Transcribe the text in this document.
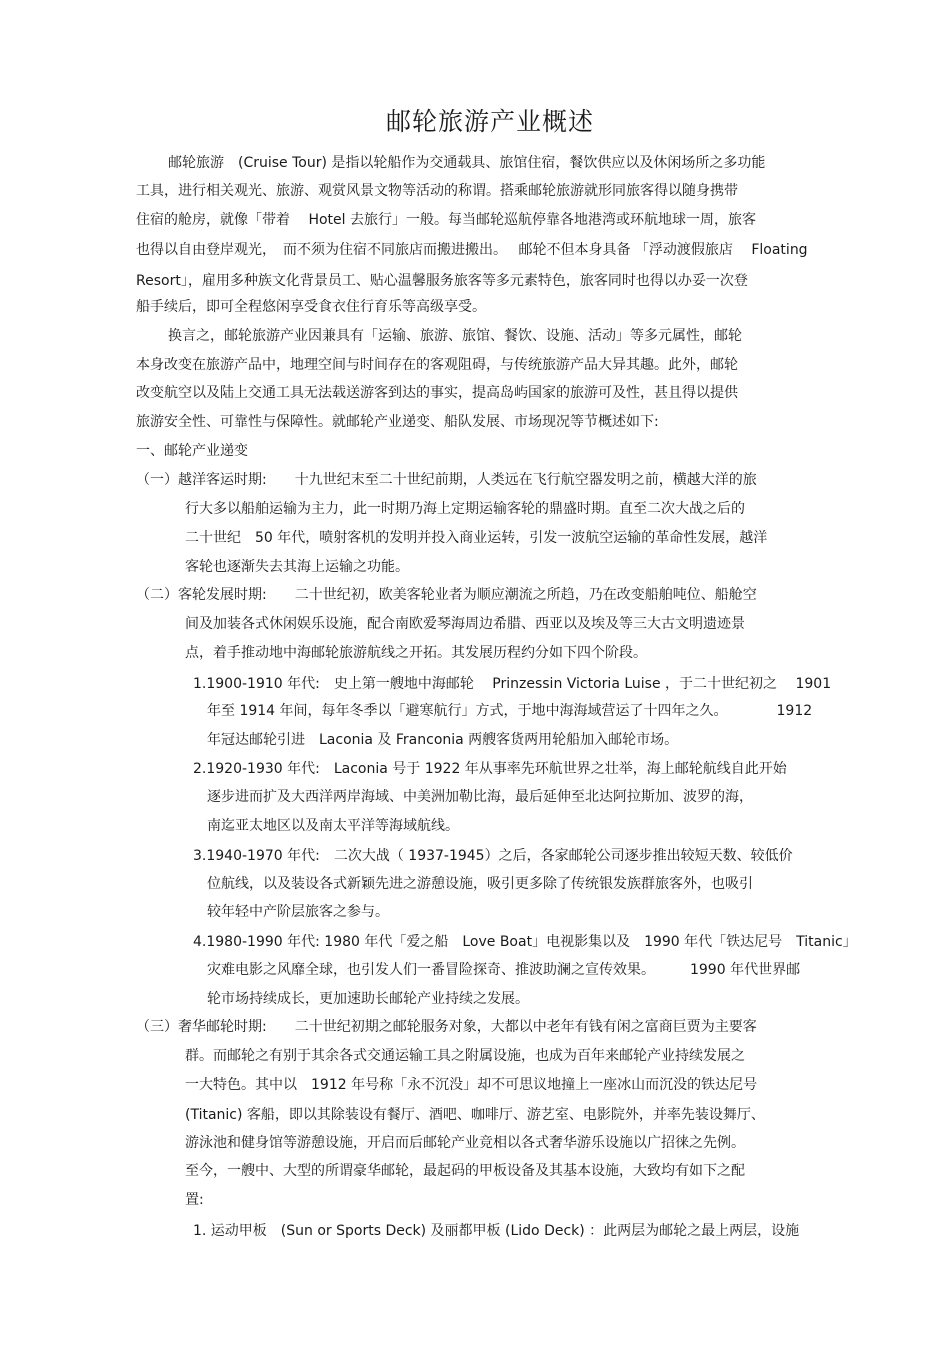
邮轮旅游产业概述
邮轮旅游　(Cruise Tour) 是指以轮船作为交通载具、旅馆住宿，餐饮供应以及休闲场所之多功能
工具，进行相关观光、旅游、观赏风景文物等活动的称谓。搭乘邮轮旅游就形同旅客得以随身携带
住宿的舱房，就像「带着　 Hotel 去旅行」一般。每当邮轮巡航停靠各地港湾或环航地球一周，旅客
也得以自由登岸观光，　而不须为住宿不同旅店而搬进搬出。　 邮轮不但本身具备 「浮动渡假旅店　 Floating
Resort」，雇用多种族文化背景员工、贴心温馨服务旅客等多元素特色，旅客同时也得以办妥一次登
船手续后，即可全程悠闲享受食衣住行育乐等高级享受。
换言之，邮轮旅游产业因兼具有「运输、旅游、旅馆、餐饮、设施、活动」等多元属性，邮轮
本身改变在旅游产品中，地理空间与时间存在的客观阻碍，与传统旅游产品大异其趣。此外，邮轮
改变航空以及陆上交通工具无法载送游客到达的事实，提高岛屿国家的旅游可及性，甚且得以提供
旅游安全性、可靠性与保障性。就邮轮产业递变、船队发展、市场现况等节概述如下:
一、邮轮产业递变
（一）越洋客运时期:　　十九世纪末至二十世纪前期，人类远在飞行航空器发明之前，横越大洋的旅
行大多以船舶运输为主力，此一时期乃海上定期运输客轮的鼎盛时期。直至二次大战之后的
二十世纪　50 年代，喷射客机的发明并投入商业运转，引发一波航空运输的革命性发展，越洋
客轮也逐渐失去其海上运输之功能。
（二）客轮发展时期:　　二十世纪初，欧美客轮业者为顺应潮流之所趋，乃在改变船舶吨位、船舱空
间及加装各式休闲娱乐设施，配合南欧爱琴海周边希腊、西亚以及埃及等三大古文明遗迹景
点，着手推动地中海邮轮旅游航线之开拓。其发展历程约分如下四个阶段。
1.1900-1910 年代:　史上第一艘地中海邮轮　 Prinzessin Victoria Luise ，于二十世纪初之　 1901
年至 1914 年间，每年冬季以「避寒航行」方式，于地中海海域营运了十四年之久。　　　　1912
年冠达邮轮引进　Laconia 及 Franconia 两艘客货两用轮船加入邮轮市场。
2.1920-1930 年代:　Laconia 号于 1922 年从事率先环航世界之壮举，海上邮轮航线自此开始
逐步进而扩及大西洋两岸海域、中美洲加勒比海，最后延伸至北达阿拉斯加、波罗的海，
南迄亚太地区以及南太平洋等海域航线。
3.1940-1970 年代:　二次大战（ 1937-1945）之后，各家邮轮公司逐步推出较短天数、较低价
位航线，以及装设各式新颖先进之游憩设施，吸引更多除了传统银发族群旅客外，也吸引
较年轻中产阶层旅客之参与。
4.1980-1990 年代: 1980 年代「爱之船　Love Boat」电视影集以及　1990 年代「铁达尼号　Titanic」
灾难电影之风靡全球，也引发人们一番冒险探奇、推波助澜之宣传效果。　　　1990 年代世界邮
轮市场持续成长，更加速助长邮轮产业持续之发展。
（三）奢华邮轮时期:　　二十世纪初期之邮轮服务对象，大都以中老年有钱有闲之富商巨贾为主要客
群。而邮轮之有别于其余各式交通运输工具之附属设施，也成为百年来邮轮产业持续发展之
一大特色。其中以　1912 年号称「永不沉没」却不可思议地撞上一座冰山而沉没的铁达尼号
(Titanic) 客船，即以其除装设有餐厅、酒吧、咖啡厅、游艺室、电影院外，并率先装设舞厅、
游泳池和健身馆等游憩设施，开启而后邮轮产业竞相以各式奢华游乐设施以广招徕之先例。
至今，一艘中、大型的所谓豪华邮轮，最起码的甲板设备及其基本设施，大致均有如下之配
置:
1. 运动甲板　(Sun or Sports Deck) 及丽都甲板 (Lido Deck) ：此两层为邮轮之最上两层，设施
